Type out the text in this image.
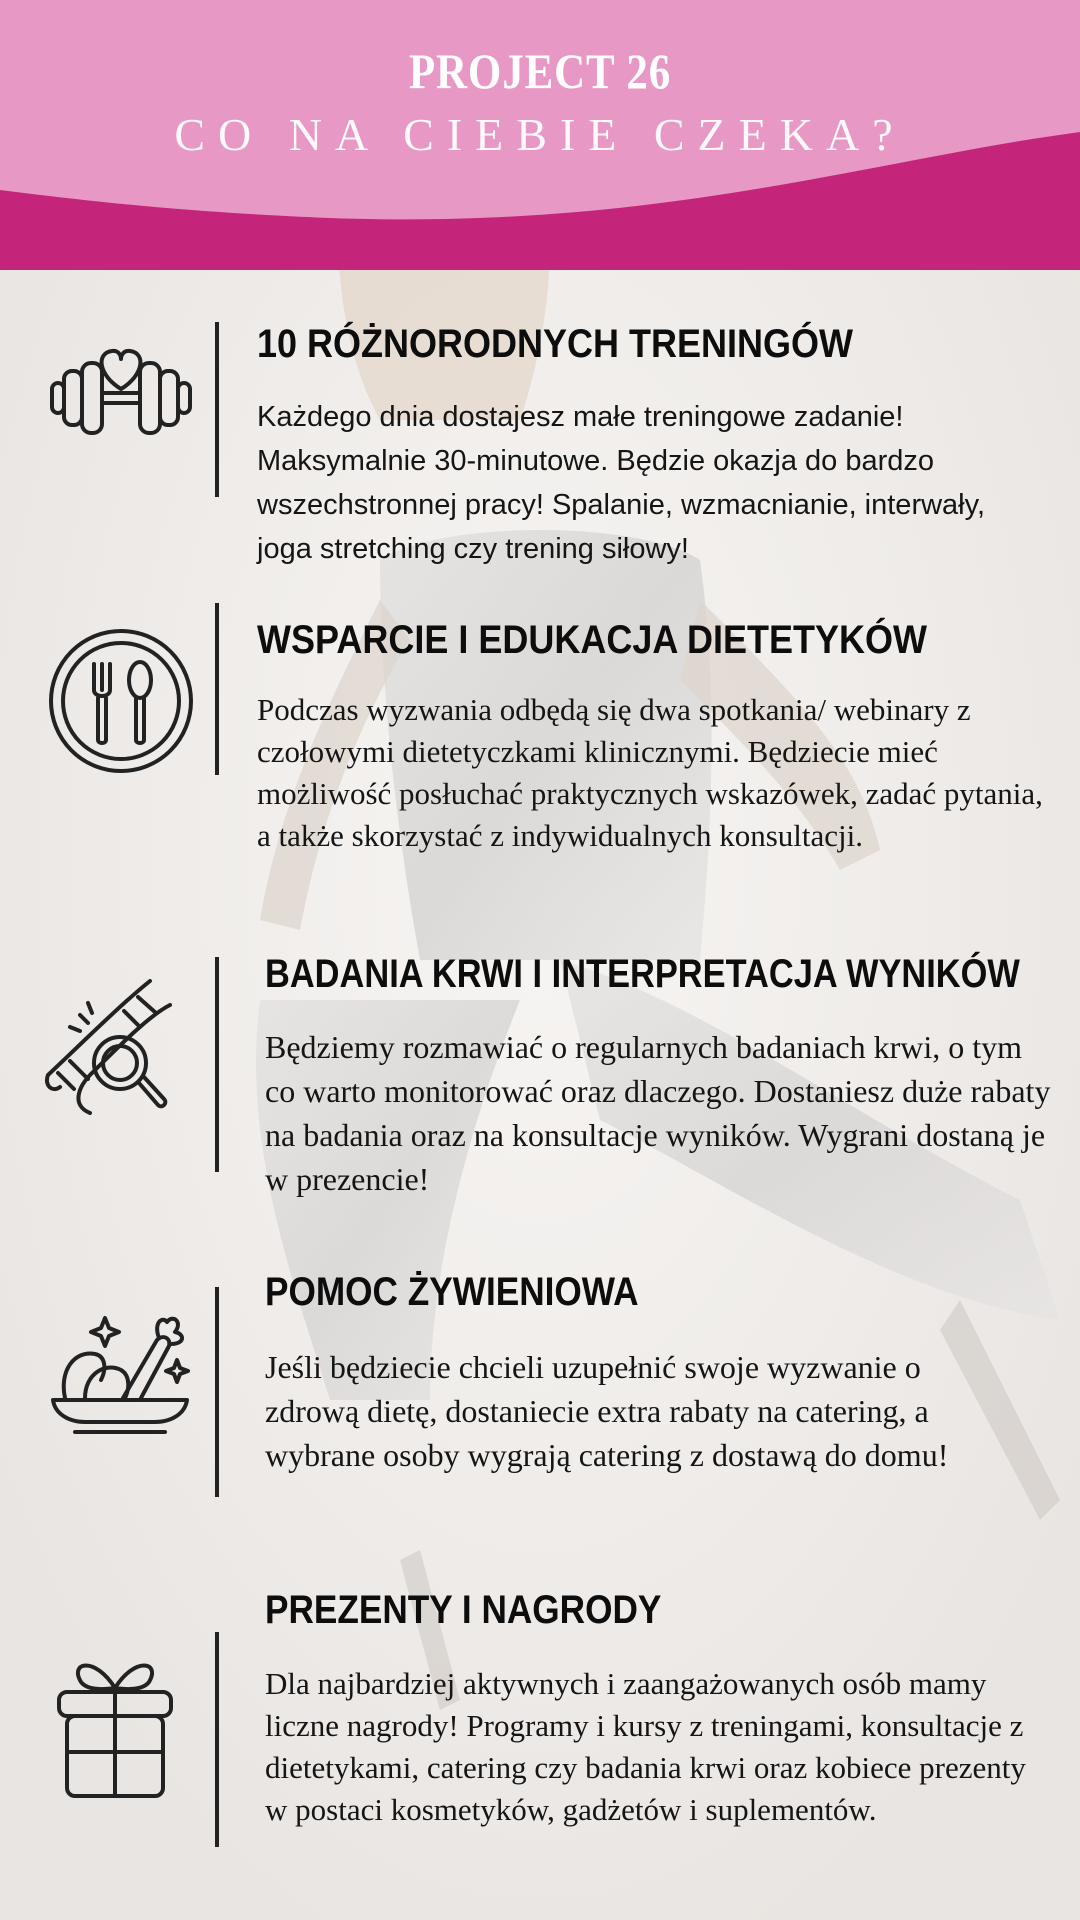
PROJECT 26
CO NA CIEBIE CZEKA?
10 RÓŻNORODNYCH TRENINGÓW

Każdego dnia dostajesz małe treningowe zadanie! Maksymalnie 30-minutowe. Będzie okazja do bardzo wszechstronnej pracy! Spalanie, wzmacnianie, interwały, joga stretching czy trening siłowy!

WSPARCIE I EDUKACJA DIETETYKÓW

Podczas wyzwania odbędą się dwa spotkania/ webinary z czołowymi dietetyczkami klinicznymi. Będziecie mieć możliwość posłuchać praktycznych wskazówek, zadać pytania, a także skorzystać z indywidualnych konsultacji.

BADANIA KRWI I INTERPRETACJA WYNIKÓW

Będziemy rozmawiać o regularnych badaniach krwi, o tym co warto monitorować oraz dlaczego. Dostaniesz duże rabaty na badania oraz na konsultacje wyników. Wygrani dostaną je w prezencie!

POMOC ŻYWIENIOWA

Jeśli będziecie chcieli uzupełnić swoje wyzwanie o zdrową dietę, dostaniecie extra rabaty na catering, a wybrane osoby wygrają catering z dostawą do domu!

PREZENTY I NAGRODY

Dla najbardziej aktywnych i zaangażowanych osób mamy liczne nagrody! Programy i kursy z treningami, konsultacje z dietetykami, catering czy badania krwi oraz kobiece prezenty w postaci kosmetyków, gadżetów i suplementów.
